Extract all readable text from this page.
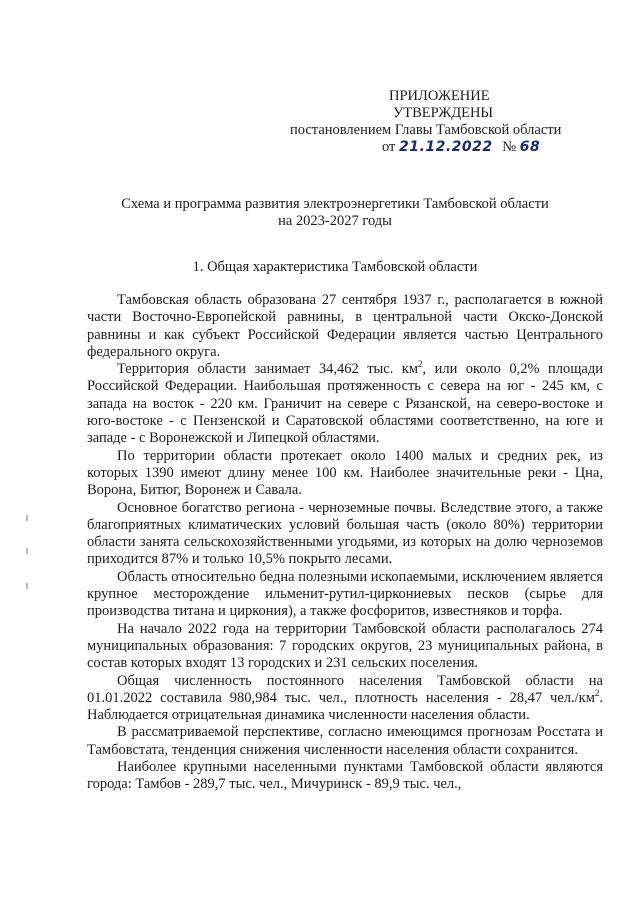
ПРИЛОЖЕНИЕ
УТВЕРЖДЕНЫ
постановлением Главы Тамбовской области
от 21.12.2022 № 68
Схема и программа развития электроэнергетики Тамбовской области
на 2023-2027 годы
1. Общая характеристика Тамбовской области

Тамбовская область образована 27 сентября 1937 г., располагается в южной части Восточно-Европейской равнины, в центральной части Окско-Донской равнины и как субъект Российской Федерации является частью Центрального федерального округа.

Территория области занимает 34,462 тыс. $км^2$, или около 0,2% площади Российской Федерации. Наибольшая протяженность с севера на юг - 245 км, с запада на восток - 220 км. Граничит на севере с Рязанской, на северо-востоке и юго-востоке - с Пензенской и Саратовской областями соответственно, на юге и западе - с Воронежской и Липецкой областями.

По территории области протекает около 1400 малых и средних рек, из которых 1390 имеют длину менее 100 км. Наиболее значительные реки - Цна, Ворона, Битюг, Воронеж и Савала.

Основное богатство региона - черноземные почвы. Вследствие этого, а также благоприятных климатических условий большая часть (около 80%) территории области занята сельскохозяйственными угодьями, из которых на долю черноземов приходится 87% и только 10,5% покрыто лесами.

Область относительно бедна полезными ископаемыми, исключением является крупное месторождение ильменит-рутил-циркониевых песков (сырье для производства титана и циркония), а также фосфоритов, известняков и торфа.

На начало 2022 года на территории Тамбовской области располагалось 274 муниципальных образования: 7 городских округов, 23 муниципальных района, в состав которых входят 13 городских и 231 сельских поселения.

Общая численность постоянного населения Тамбовской области на 01.01.2022 составила 980,984 тыс. чел., плотность населения - 28,47 $чел./км^2$. Наблюдается отрицательная динамика численности населения области.

В рассматриваемой перспективе, согласно имеющимся прогнозам Росстата и Тамбовстата, тенденция снижения численности населения области сохранится.

Наиболее крупными населенными пунктами Тамбовской области являются города: Тамбов - 289,7 тыс. чел., Мичуринск - 89,9 тыс. чел.,
